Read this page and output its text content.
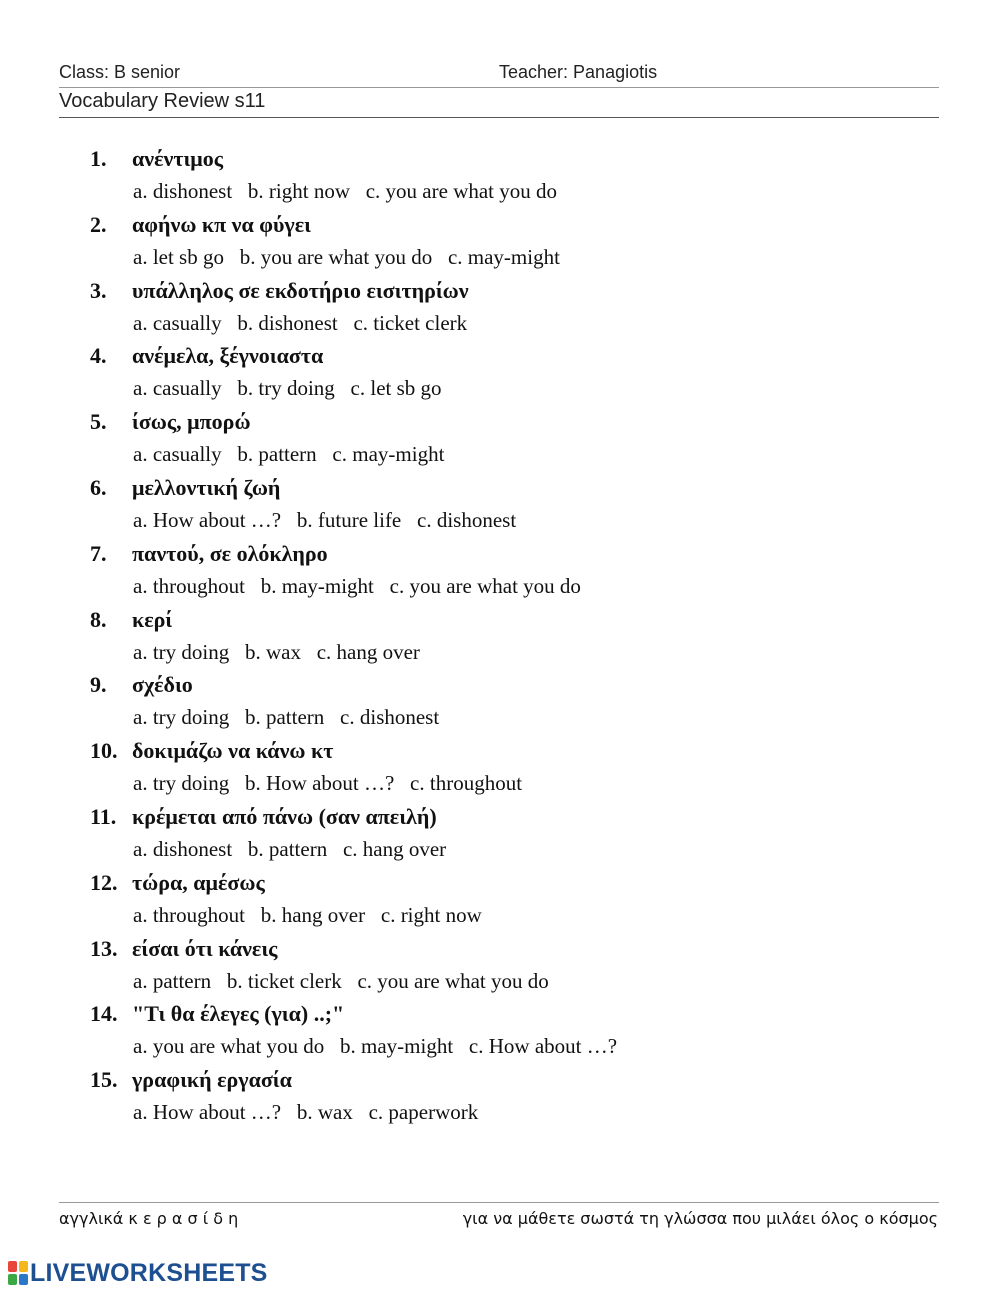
Class: B senior	Teacher: Panagiotis
Vocabulary Review s11
1. ανέντιμος
a. dishonest   b. right now   c. you are what you do
2. αφήνω κπ να φύγει
a. let sb go   b. you are what you do   c. may-might
3. υπάλληλος σε εκδοτήριο εισιτηρίων
a. casually   b. dishonest   c. ticket clerk
4. ανέμελα, ξέγνοιαστα
a. casually   b. try doing   c. let sb go
5. ίσως, μπορώ
a. casually   b. pattern   c. may-might
6. μελλοντική ζωή
a. How about …?   b. future life   c. dishonest
7. παντού, σε ολόκληρο
a. throughout   b. may-might   c. you are what you do
8. κερί
a. try doing   b. wax   c. hang over
9. σχέδιο
a. try doing   b. pattern   c. dishonest
10. δοκιμάζω να κάνω κτ
a. try doing   b. How about …?   c. throughout
11. κρέμεται από πάνω (σαν απειλή)
a. dishonest   b. pattern   c. hang over
12. τώρα, αμέσως
a. throughout   b. hang over   c. right now
13. είσαι ότι κάνεις
a. pattern   b. ticket clerk   c. you are what you do
14. "Τι θα έλεγες (για) ..;"
a. you are what you do   b. may-might   c. How about …?
15. γραφική εργασία
a. How about …?   b. wax   c. paperwork
αγγλικά κ ε ρ α σ ί δ η	για να μάθετε σωστά τη γλώσσα που μιλάει όλος ο κόσμος
LIVEWORKSHEETS
